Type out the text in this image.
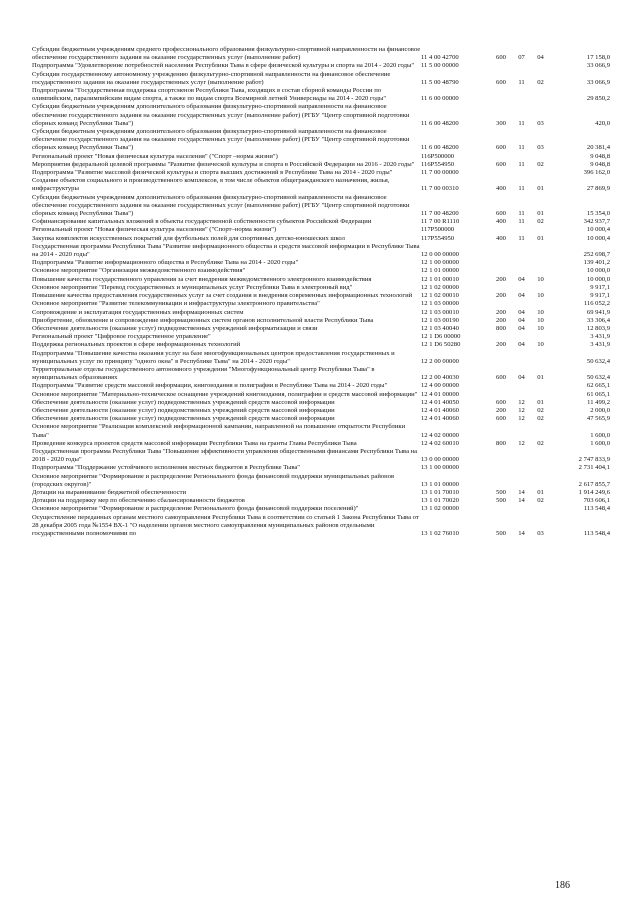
Субсидии бюджетным учреждениям среднего профессионального образования физкультурно-спортивной направленности на финансовое обеспечение государственного задания на оказание государственных услуг (выполнение работ)	11 4 00 42700	600	07	04	17 158,0
Подпрограмма "Удовлетворение потребностей населения Республики Тыва в сфере физической культуры и спорта на 2014 - 2020 годы"	11 5 00 00000				33 066,9
Субсидии государственному автономному учреждению физкультурно-спортивной направленности на финансовое обеспечение государственного задания на оказание государственных услуг (выполнение работ)	11 5 00 48790	600	11	02	33 066,9
Подпрограмма "Государственная поддержка спортсменов Республики Тыва, входящих в состав сборной команды России по олимпийским, паралимпийским видам спорта, а также по видам спорта Всемирной летней Универсиады на 2014 - 2020 годы"	11 6 00 00000				29 850,2
Субсидии бюджетным учреждениям дополнительного образования физкультурно-спортивной направленности на финансовое обеспечение государственного задания на оказание государственных услуг (выполнение работ) (РГБУ "Центр спортивной подготовки сборных команд Республики Тыва")	11 6 00 48200	300	11	03	420,0
Субсидии бюджетным учреждениям дополнительного образования физкультурно-спортивной направленности на финансовое обеспечение государственного задания на оказание государственных услуг (выполнение работ) (РГБУ "Центр спортивной подготовки сборных команд Республики Тыва")	11 6 00 48200	600	11	03	20 381,4
Региональный проект "Новая физическая культура населения" ("Спорт –норма жизни")	116P500000				9 048,8
Мероприятия федеральной целевой программы "Развитие физической культуры и спорта в Российской Федерации на 2016 - 2020 годы"	116P554950	600	11	02	9 048,8
Подпрограмма "Развитие массовой физической культуры и спорта высших достижений в Республике Тыва на 2014 - 2020 годы"	11 7 00 00000				396 162,0
Создание объектов социального и производственного комплексов, в том числе объектов общегражданского назначения, жилья, инфраструктуры	11 7 00 00310	400	11	01	27 869,9
Субсидии бюджетным учреждениям дополнительного образования физкультурно-спортивной направленности на финансовое обеспечение государственного задания на оказание государственных услуг (выполнение работ) (РГБУ "Центр спортивной подготовки сборных команд Республики Тыва")	11 7 00 48200	600	11	01	15 354,0
Софинансирование капитальных вложений в объекты государственной собственности субъектов Российской Федерации	11 7 00 R1110	400	11	02	342 937,7
Региональный проект "Новая физическая культура населения" ("Спорт–норма жизни")	117P500000				10 000,4
Закупка комплектов искусственных покрытий для футбольных полей для спортивных детско-юношеских школ	117P554950	400	11	01	10 000,4
Государственная программа Республики Тыва "Развитие информационного общества и средств массовой информации в Республике Тыва на 2014 - 2020 годы"	12 0 00 00000				252 698,7
Подпрограмма "Развитие информационного общества в Республике Тыва на 2014 - 2020 годы"	12 1 00 00000				139 401,2
Основное мероприятие "Организация межведомственного взаимодействия"	12 1 01 00000				10 000,0
Повышение качества государственного управления за счет внедрения межведомственного электронного взаимодействия	12 1 01 00010	200	04	10	10 000,0
Основное мероприятие "Перевод государственных и муниципальных услуг Республики Тыва в электронный вид"	12 1 02 00000				9 917,1
Повышение качества предоставления государственных услуг за счет создания и внедрения современных информационных технологий	12 1 02 00010	200	04	10	9 917,1
Основное мероприятие "Развитие телекоммуникации и инфраструктуры электронного правительства"	12 1 03 00000				116 052,2
Сопровождение и эксплуатация государственных информационных систем	12 1 03 00010	200	04	10	69 941,9
Приобретение, обновление и сопровождение информационных систем органов исполнительной власти Республики Тыва	12 1 03 00190	200	04	10	33 306,4
Обеспечение деятельности (оказание услуг) подведомственных учреждений информатизации и связи	12 1 03 40040	800	04	10	12 803,9
Региональный проект "Цифровое государственное управление"	12 1 D6 00000				3 431,9
Поддержка региональных проектов в сфере информационных технологий	12 1 D6 50280	200	04	10	3 431,9
Подпрограмма "Повышение качества оказания услуг на базе многофункциональных центров предоставления государственных и муниципальных услуг по принципу "одного окна" в Республике Тыва" на 2014 - 2020 годы"	12 2 00 00000				50 632,4
Территориальные отделы государственного автономного учреждения "Многофункциональный центр Республики Тыва" в муниципальных образованиях	12 2 00 40030	600	04	01	50 632,4
Подпрограмма "Развитие средств массовой информации, книгоиздания и полиграфии в Республике Тыва на 2014 - 2020 годы"	12 4 00 00000				62 665,1
Основное мероприятие "Материально-техническое оснащение учреждений книгоиздания, полиграфии и средств массовой информации"	12 4 01 00000				61 065,1
Обеспечение деятельности (оказание услуг) подведомственных учреждений средств массовой информации	12 4 01 40050	600	12	01	11 499,2
Обеспечение деятельности (оказание услуг) подведомственных учреждений средств массовой информации	12 4 01 40060	200	12	02	2 000,0
Обеспечение деятельности (оказание услуг) подведомственных учреждений средств массовой информации	12 4 01 40060	600	12	02	47 565,9
Основное мероприятие "Реализация комплексной информационной кампании, направленной на повышение открытости Республики Тыва"	12 4 02 00000				1 600,0
Проведение конкурса проектов средств массовой информации Республики Тыва на гранты Главы Республики Тыва	12 4 02 60010	800	12	02	1 600,0
Государственная программа Республики Тыва "Повышение эффективности управления общественными финансами Республики Тыва на 2018 - 2020 годы"	13 0 00 00000				2 747 833,9
Подпрограмма "Поддержание устойчивого исполнения местных бюджетов в Республике Тыва"	13 1 00 00000				2 731 404,1
Основное мероприятие "Формирование и распределение Регионального фонда финансовой поддержки муниципальных районов (городских округов)"	13 1 01 00000				2 617 855,7
Дотации на выравнивание бюджетной обеспеченности	13 1 01 70010	500	14	01	1 914 249,6
Дотации на поддержку мер по обеспечению сбалансированности бюджетов	13 1 01 70020	500	14	02	703 606,1
Основное мероприятие "Формирование и распределение Регионального фонда финансовой поддержки поселений)"	13 1 02 00000				113 548,4
Осуществление переданных органам местного самоуправления Республики Тыва в соответствии со статьей 1 Закона Республики Тыва от 28 декабря 2005 года №1554 ВХ-1 "О наделении органов местного самоуправления муниципальных районов отдельными государственными полномочиями по	13 1 02 76010	500	14	03	113 548,4
186
